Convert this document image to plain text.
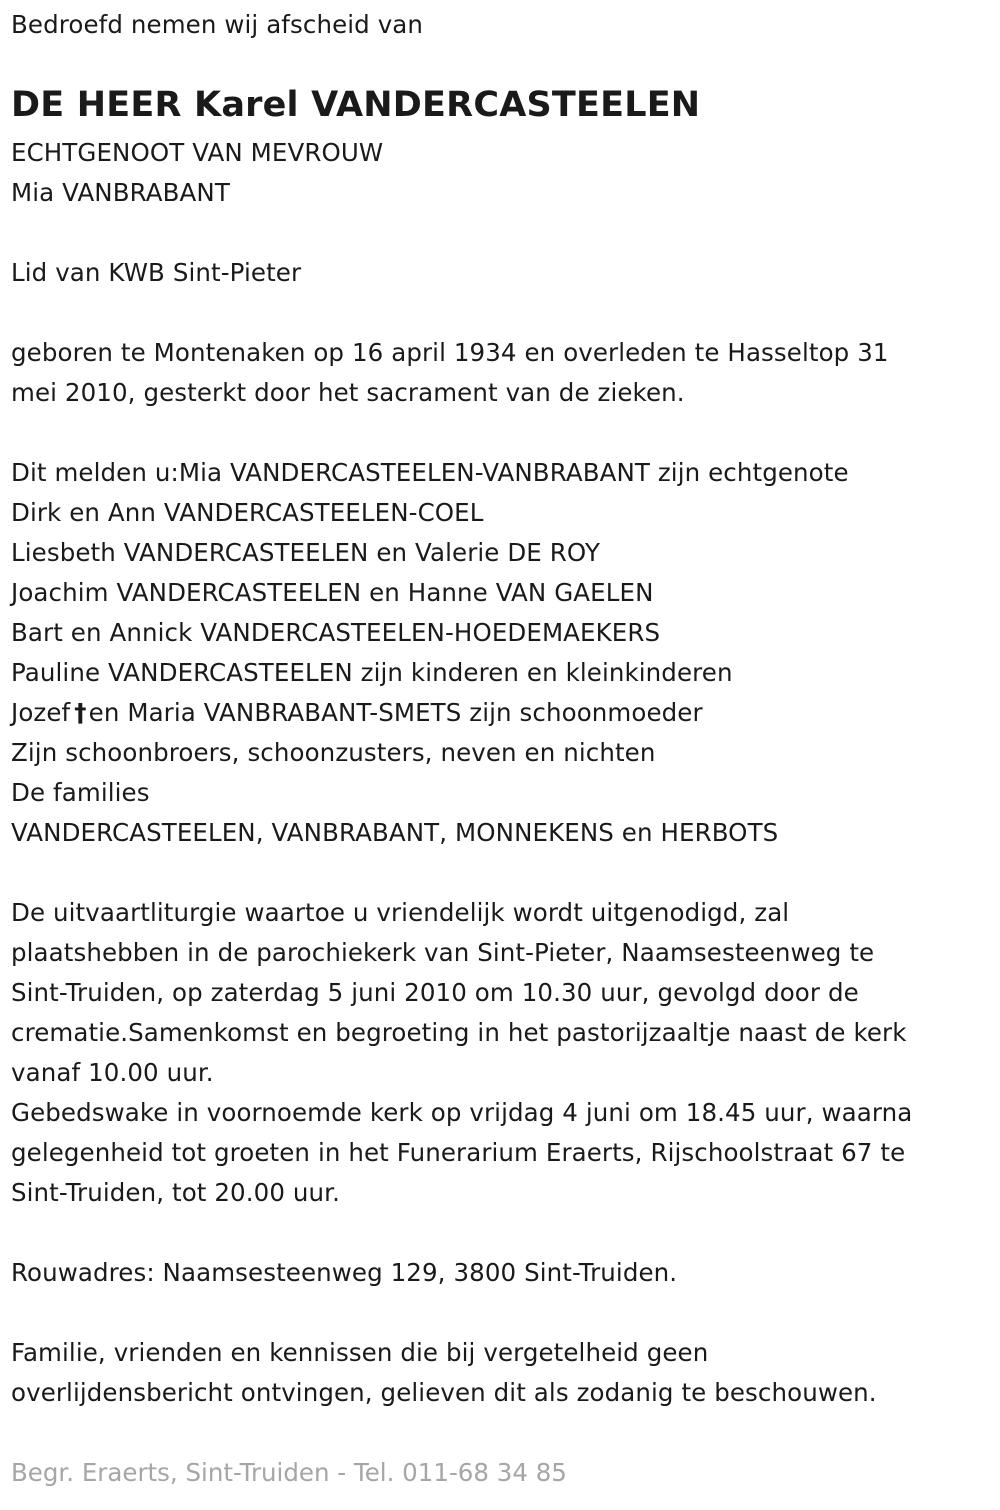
Bedroefd nemen wij afscheid van
DE HEER Karel VANDERCASTEELEN
ECHTGENOOT VAN MEVROUW
Mia VANBRABANT
Lid van KWB Sint-Pieter
geboren te Montenaken op 16 april 1934 en overleden te Hasseltop 31
mei 2010, gesterkt door het sacrament van de zieken.
Dit melden u:Mia VANDERCASTEELEN-VANBRABANT zijn echtgenote
Dirk en Ann VANDERCASTEELEN-COEL
Liesbeth VANDERCASTEELEN en Valerie DE ROY
Joachim VANDERCASTEELEN en Hanne VAN GAELEN
Bart en Annick VANDERCASTEELEN-HOEDEMAEKERS
Pauline VANDERCASTEELEN zijn kinderen en kleinkinderen
Jozef †en Maria VANBRABANT-SMETS zijn schoonmoeder
Zijn schoonbroers, schoonzusters, neven en nichten
De families
VANDERCASTEELEN, VANBRABANT, MONNEKENS en HERBOTS
De uitvaartliturgie waartoe u vriendelijk wordt uitgenodigd, zal
plaatshebben in de parochiekerk van Sint-Pieter, Naamsesteenweg te
Sint-Truiden, op zaterdag 5 juni 2010 om 10.30 uur, gevolgd door de
crematie.Samenkomst en begroeting in het pastorijzaaltje naast de kerk
vanaf 10.00 uur.
Gebedswake in voornoemde kerk op vrijdag 4 juni om 18.45 uur, waarna
gelegenheid tot groeten in het Funerarium Eraerts, Rijschoolstraat 67 te
Sint-Truiden, tot 20.00 uur.
Rouwadres: Naamsesteenweg 129, 3800 Sint-Truiden.
Familie, vrienden en kennissen die bij vergetelheid geen
overlijdensbericht ontvingen, gelieven dit als zodanig te beschouwen.
Begr. Eraerts, Sint-Truiden - Tel. 011-68 34 85
